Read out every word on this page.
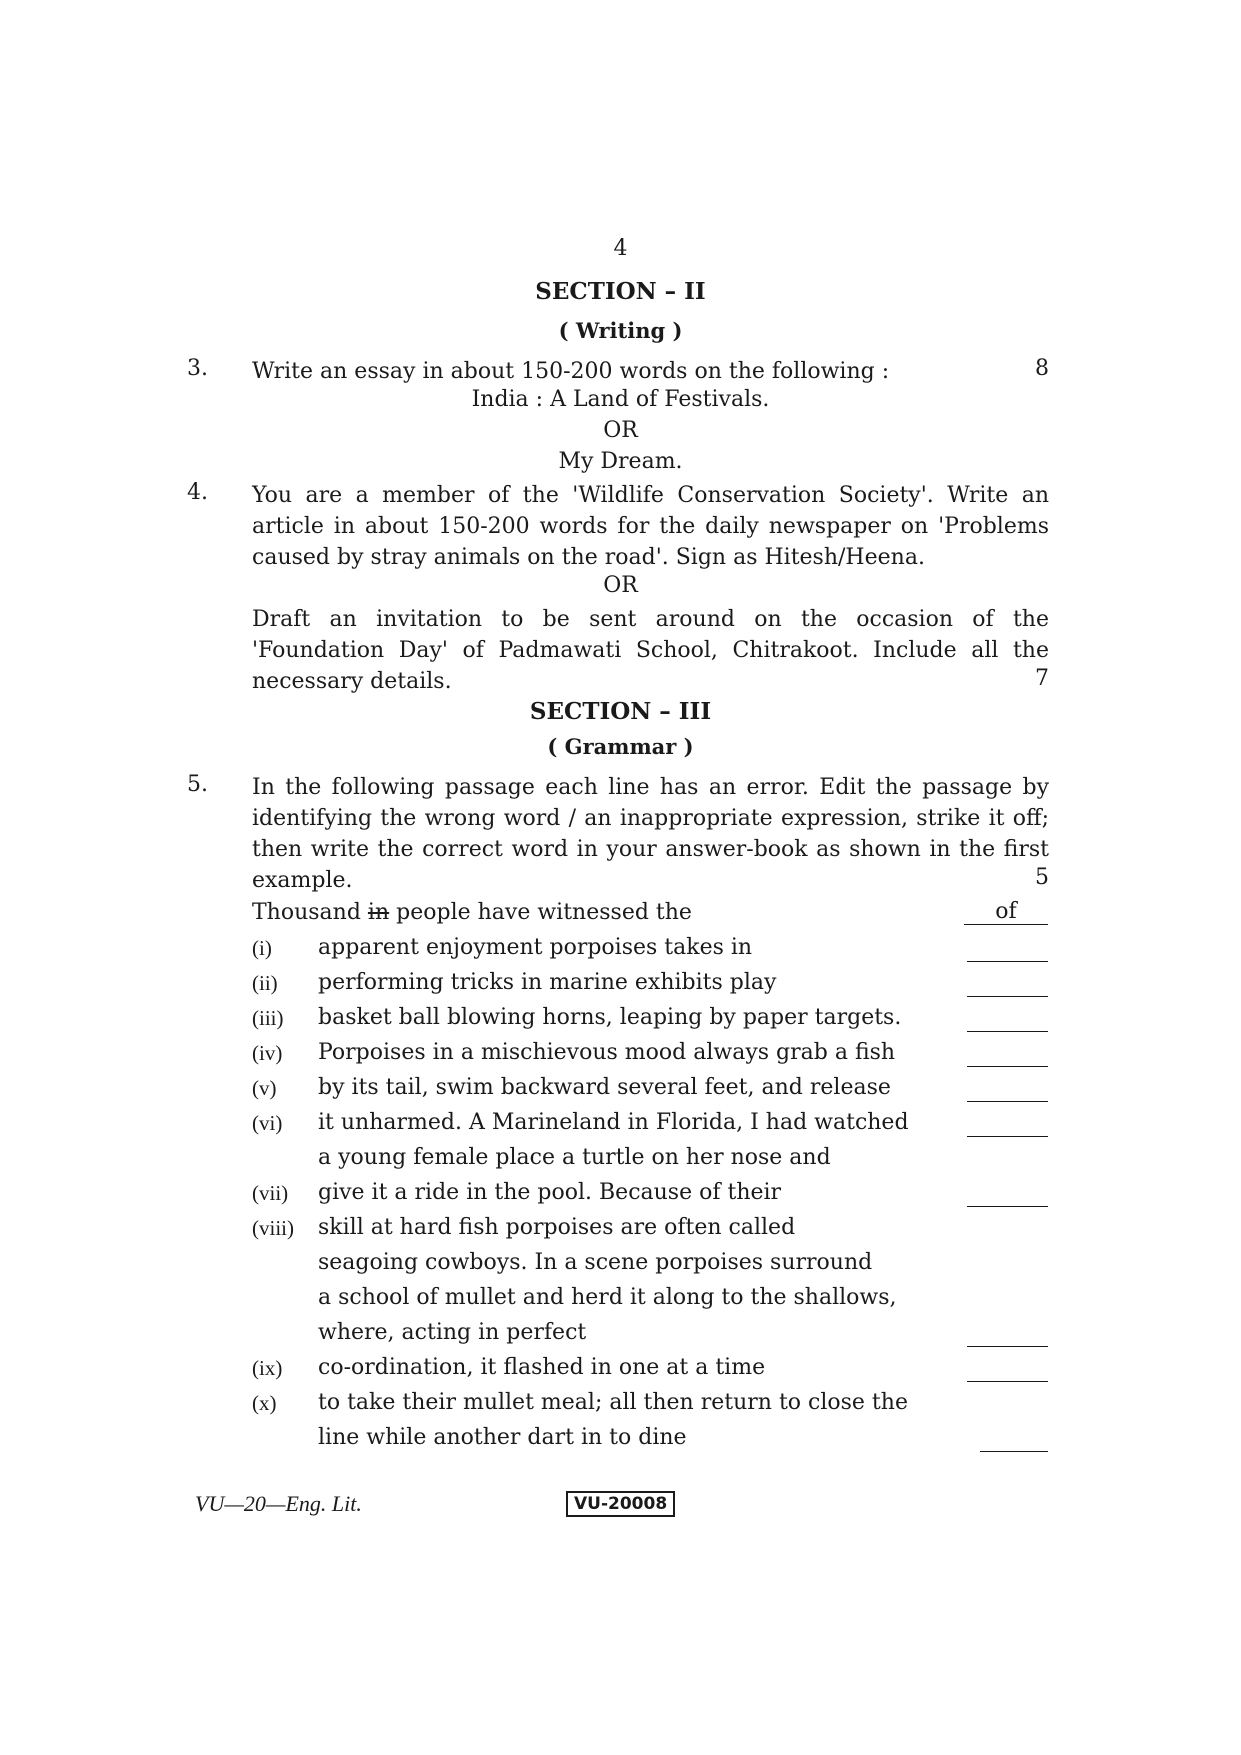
4
SECTION – II
( Writing )
3. Write an essay in about 150-200 words on the following :	8
India : A Land of Festivals.
OR
My Dream.
4. You are a member of the 'Wildlife Conservation Society'. Write an
article in about 150-200 words for the daily newspaper on 'Problems
caused by stray animals on the road'. Sign as Hitesh/Heena.
OR
Draft an invitation to be sent around on the occasion of the
'Foundation Day' of Padmawati School, Chitrakoot. Include all the
necessary details.	7
SECTION – III
( Grammar )
5. In the following passage each line has an error. Edit the passage by
identifying the wrong word / an inappropriate expression, strike it off;
then write the correct word in your answer-book as shown in the first
example.	5
Thousand in people have witnessed the	of
(i) apparent enjoyment porpoises takes in
(ii) performing tricks in marine exhibits play
(iii) basket ball blowing horns, leaping by paper targets.
(iv) Porpoises in a mischievous mood always grab a fish
(v) by its tail, swim backward several feet, and release
(vi) it unharmed. A Marineland in Florida, I had watched
a young female place a turtle on her nose and
(vii) give it a ride in the pool. Because of their
(viii) skill at hard fish porpoises are often called
seagoing cowboys. In a scene porpoises surround
a school of mullet and herd it along to the shallows,
where, acting in perfect
(ix) co-ordination, it flashed in one at a time
(x) to take their mullet meal; all then return to close the
line while another dart in to dine
VU—20—Eng. Lit.	VU-20008
